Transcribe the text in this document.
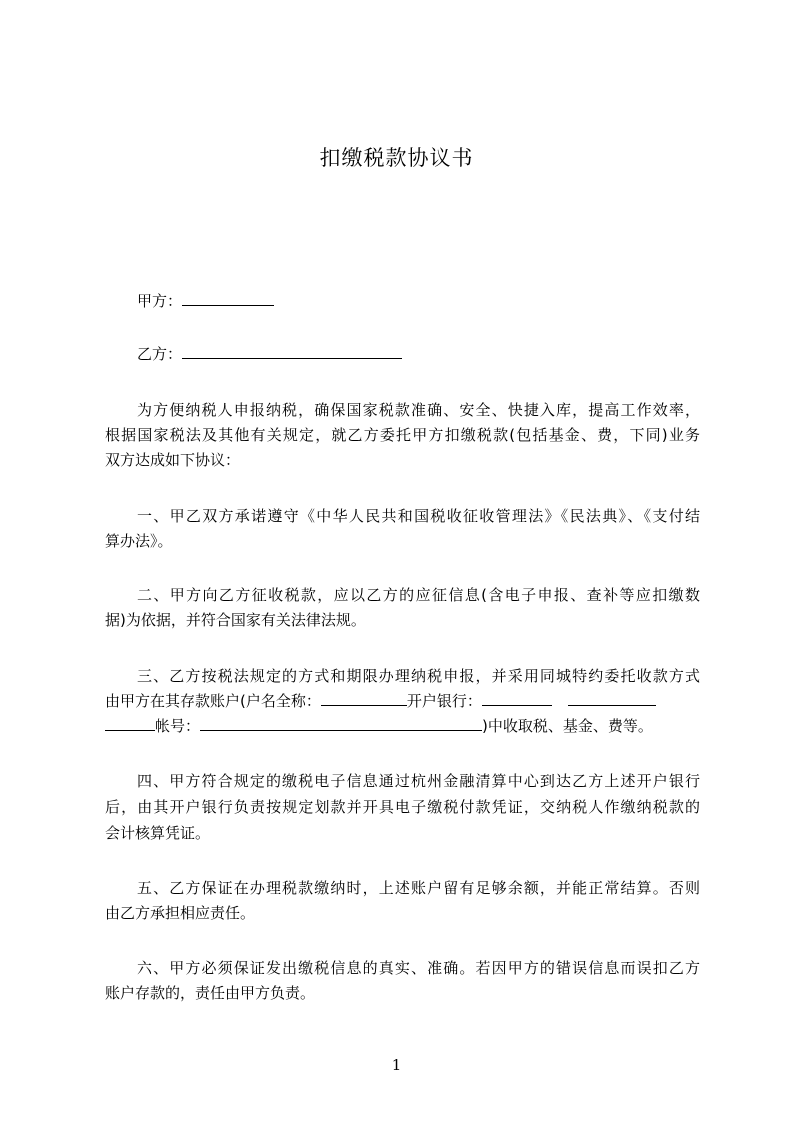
扣缴税款协议书
甲方：
乙方：
为方便纳税人申报纳税，确保国家税款准确、安全、快捷入库，提高工作效率，
根据国家税法及其他有关规定，就乙方委托甲方扣缴税款(包括基金、费，下同)业务
双方达成如下协议：
一、甲乙双方承诺遵守《中华人民共和国税收征收管理法》《民法典》、《支付结
算办法》。
二、甲方向乙方征收税款，应以乙方的应征信息(含电子申报、查补等应扣缴数
据)为依据，并符合国家有关法律法规。
三、乙方按税法规定的方式和期限办理纳税申报，并采用同城特约委托收款方式
由甲方在其存款账户(户名全称：	开户银行：
帐号：	)中收取税、基金、费等。
四、甲方符合规定的缴税电子信息通过杭州金融清算中心到达乙方上述开户银行
后，由其开户银行负责按规定划款并开具电子缴税付款凭证，交纳税人作缴纳税款的
会计核算凭证。
五、乙方保证在办理税款缴纳时，上述账户留有足够余额，并能正常结算。否则
由乙方承担相应责任。
六、甲方必须保证发出缴税信息的真实、准确。若因甲方的错误信息而误扣乙方
账户存款的，责任由甲方负责。
1
